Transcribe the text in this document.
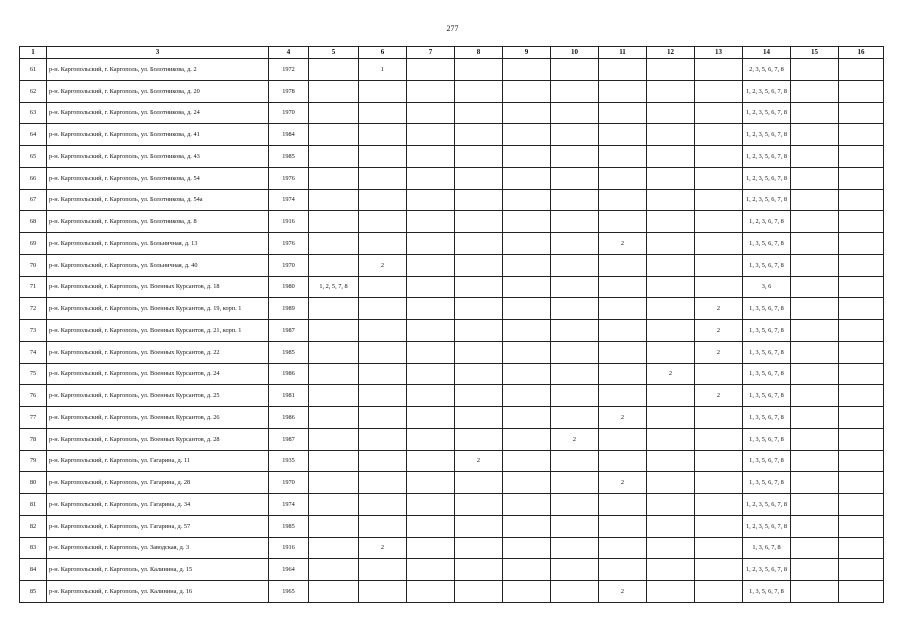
277
1	3	4	5	6	7	8	9	10	11	12	13	14	15	16
61	р-н. Каргопольский, г. Каргополь, ул. Болотникова, д. 2	1972		1								2, 3, 5, 6, 7, 8		
62	р-н. Каргопольский, г. Каргополь, ул. Болотникова, д. 20	1978										1, 2, 3, 5, 6, 7, 8		
63	р-н. Каргопольский, г. Каргополь, ул. Болотникова, д. 24	1970										1, 2, 3, 5, 6, 7, 8		
64	р-н. Каргопольский, г. Каргополь, ул. Болотникова, д. 41	1984										1, 2, 3, 5, 6, 7, 8		
65	р-н. Каргопольский, г. Каргополь, ул. Болотникова, д. 43	1985										1, 2, 3, 5, 6, 7, 8		
66	р-н. Каргопольский, г. Каргополь, ул. Болотникова, д. 54	1976										1, 2, 3, 5, 6, 7, 8		
67	р-н. Каргопольский, г. Каргополь, ул. Болотникова, д. 54а	1974										1, 2, 3, 5, 6, 7, 8		
68	р-н. Каргопольский, г. Каргополь, ул. Болотникова, д. 8	1916										1, 2, 3, 6, 7, 8		
69	р-н. Каргопольский, г. Каргополь, ул. Больничная, д. 13	1976							2			1, 3, 5, 6, 7, 8		
70	р-н. Каргопольский, г. Каргополь, ул. Больничная, д. 40	1970		2								1, 3, 5, 6, 7, 8		
71	р-н. Каргопольский, г. Каргополь, ул. Военных Курсантов, д. 18	1980	1, 2, 5, 7, 8									3, 6		
72	р-н. Каргопольский, г. Каргополь, ул. Военных Курсантов, д. 19, корп. 1	1989									2	1, 3, 5, 6, 7, 8		
73	р-н. Каргопольский, г. Каргополь, ул. Военных Курсантов, д. 21, корп. 1	1987									2	1, 3, 5, 6, 7, 8		
74	р-н. Каргопольский, г. Каргополь, ул. Военных Курсантов, д. 22	1985									2	1, 3, 5, 6, 7, 8		
75	р-н. Каргопольский, г. Каргополь, ул. Военных Курсантов, д. 24	1986								2		1, 3, 5, 6, 7, 8		
76	р-н. Каргопольский, г. Каргополь, ул. Военных Курсантов, д. 25	1981									2	1, 3, 5, 6, 7, 8		
77	р-н. Каргопольский, г. Каргополь, ул. Военных Курсантов, д. 26	1986							2			1, 3, 5, 6, 7, 8		
78	р-н. Каргопольский, г. Каргополь, ул. Военных Курсантов, д. 28	1987						2				1, 3, 5, 6, 7, 8		
79	р-н. Каргопольский, г. Каргополь, ул. Гагарина, д. 11	1935				2						1, 3, 5, 6, 7, 8		
80	р-н. Каргопольский, г. Каргополь, ул. Гагарина, д. 28	1970							2			1, 3, 5, 6, 7, 8		
81	р-н. Каргопольский, г. Каргополь, ул. Гагарина, д. 34	1974										1, 2, 3, 5, 6, 7, 8		
82	р-н. Каргопольский, г. Каргополь, ул. Гагарина, д. 57	1985										1, 2, 3, 5, 6, 7, 8		
83	р-н. Каргопольский, г. Каргополь, ул. Заводская, д. 3	1916		2								1, 3, 6, 7, 8		
84	р-н. Каргопольский, г. Каргополь, ул. Калинина, д. 15	1964										1, 2, 3, 5, 6, 7, 8		
85	р-н. Каргопольский, г. Каргополь, ул. Калинина, д. 16	1965							2			1, 3, 5, 6, 7, 8		
